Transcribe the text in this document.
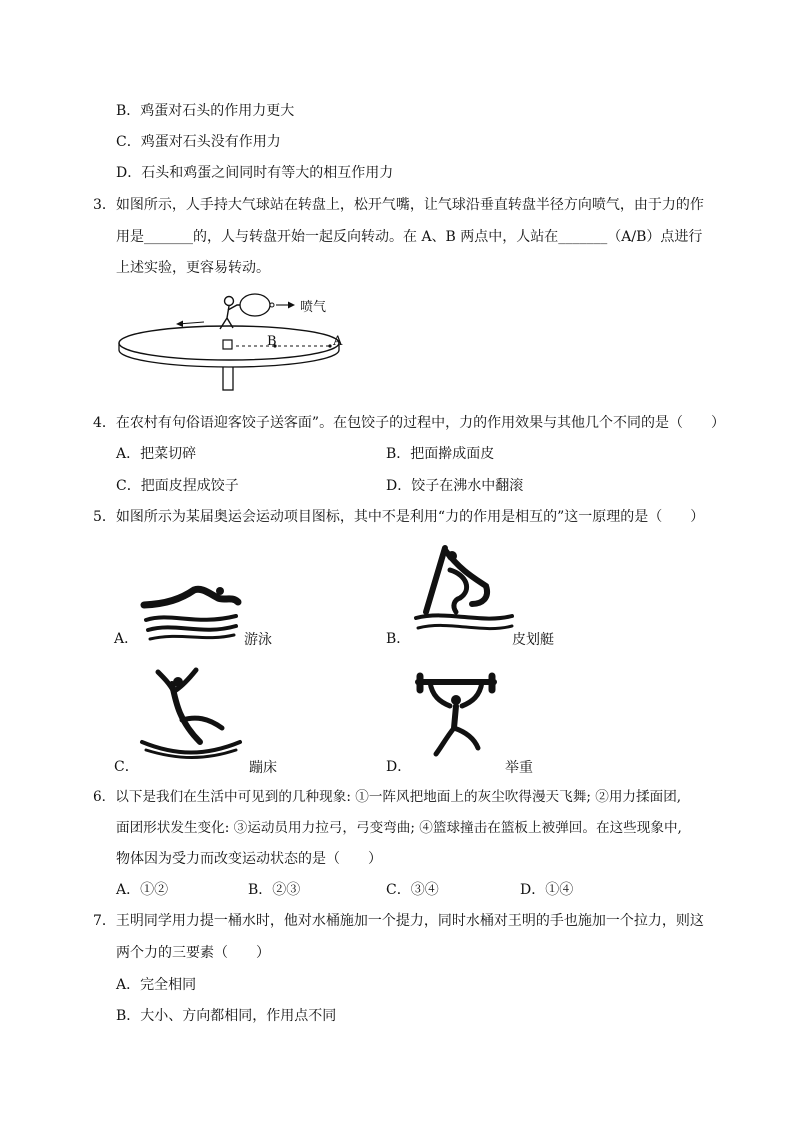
B．鸡蛋对石头的作用力更大
C．鸡蛋对石头没有作用力
D．石头和鸡蛋之间同时有等大的相互作用力
3．如图所示，人手持大气球站在转盘上，松开气嘴，让气球沿垂直转盘半径方向喷气，由于力的作
用是_______的，人与转盘开始一起反向转动。在 A、B 两点中，人站在_______（A/B）点进行
上述实验，更容易转动。
喷气
B	A
4．在农村有句俗语迎客饺子送客面”。在包饺子的过程中，力的作用效果与其他几个不同的是（　　）
A．把菜切碎	B．把面擀成面皮
C．把面皮捏成饺子	D．饺子在沸水中翻滚
5．如图所示为某届奥运会运动项目图标，其中不是利用“力的作用是相互的”这一原理的是（　　）
A．	游泳	B．	皮划艇
C．	蹦床	D．	举重
6．以下是我们在生活中可见到的几种现象: ①一阵风把地面上的灰尘吹得漫天飞舞; ②用力揉面团,
面团形状发生变化: ③运动员用力拉弓，弓变弯曲; ④篮球撞击在篮板上被弹回。在这些现象中,
物体因为受力而改变运动状态的是（　　）
A．①②	B．②③	C．③④	D．①④
7．王明同学用力提一桶水时，他对水桶施加一个提力，同时水桶对王明的手也施加一个拉力，则这
两个力的三要素（　　）
A．完全相同
B．大小、方向都相同，作用点不同
